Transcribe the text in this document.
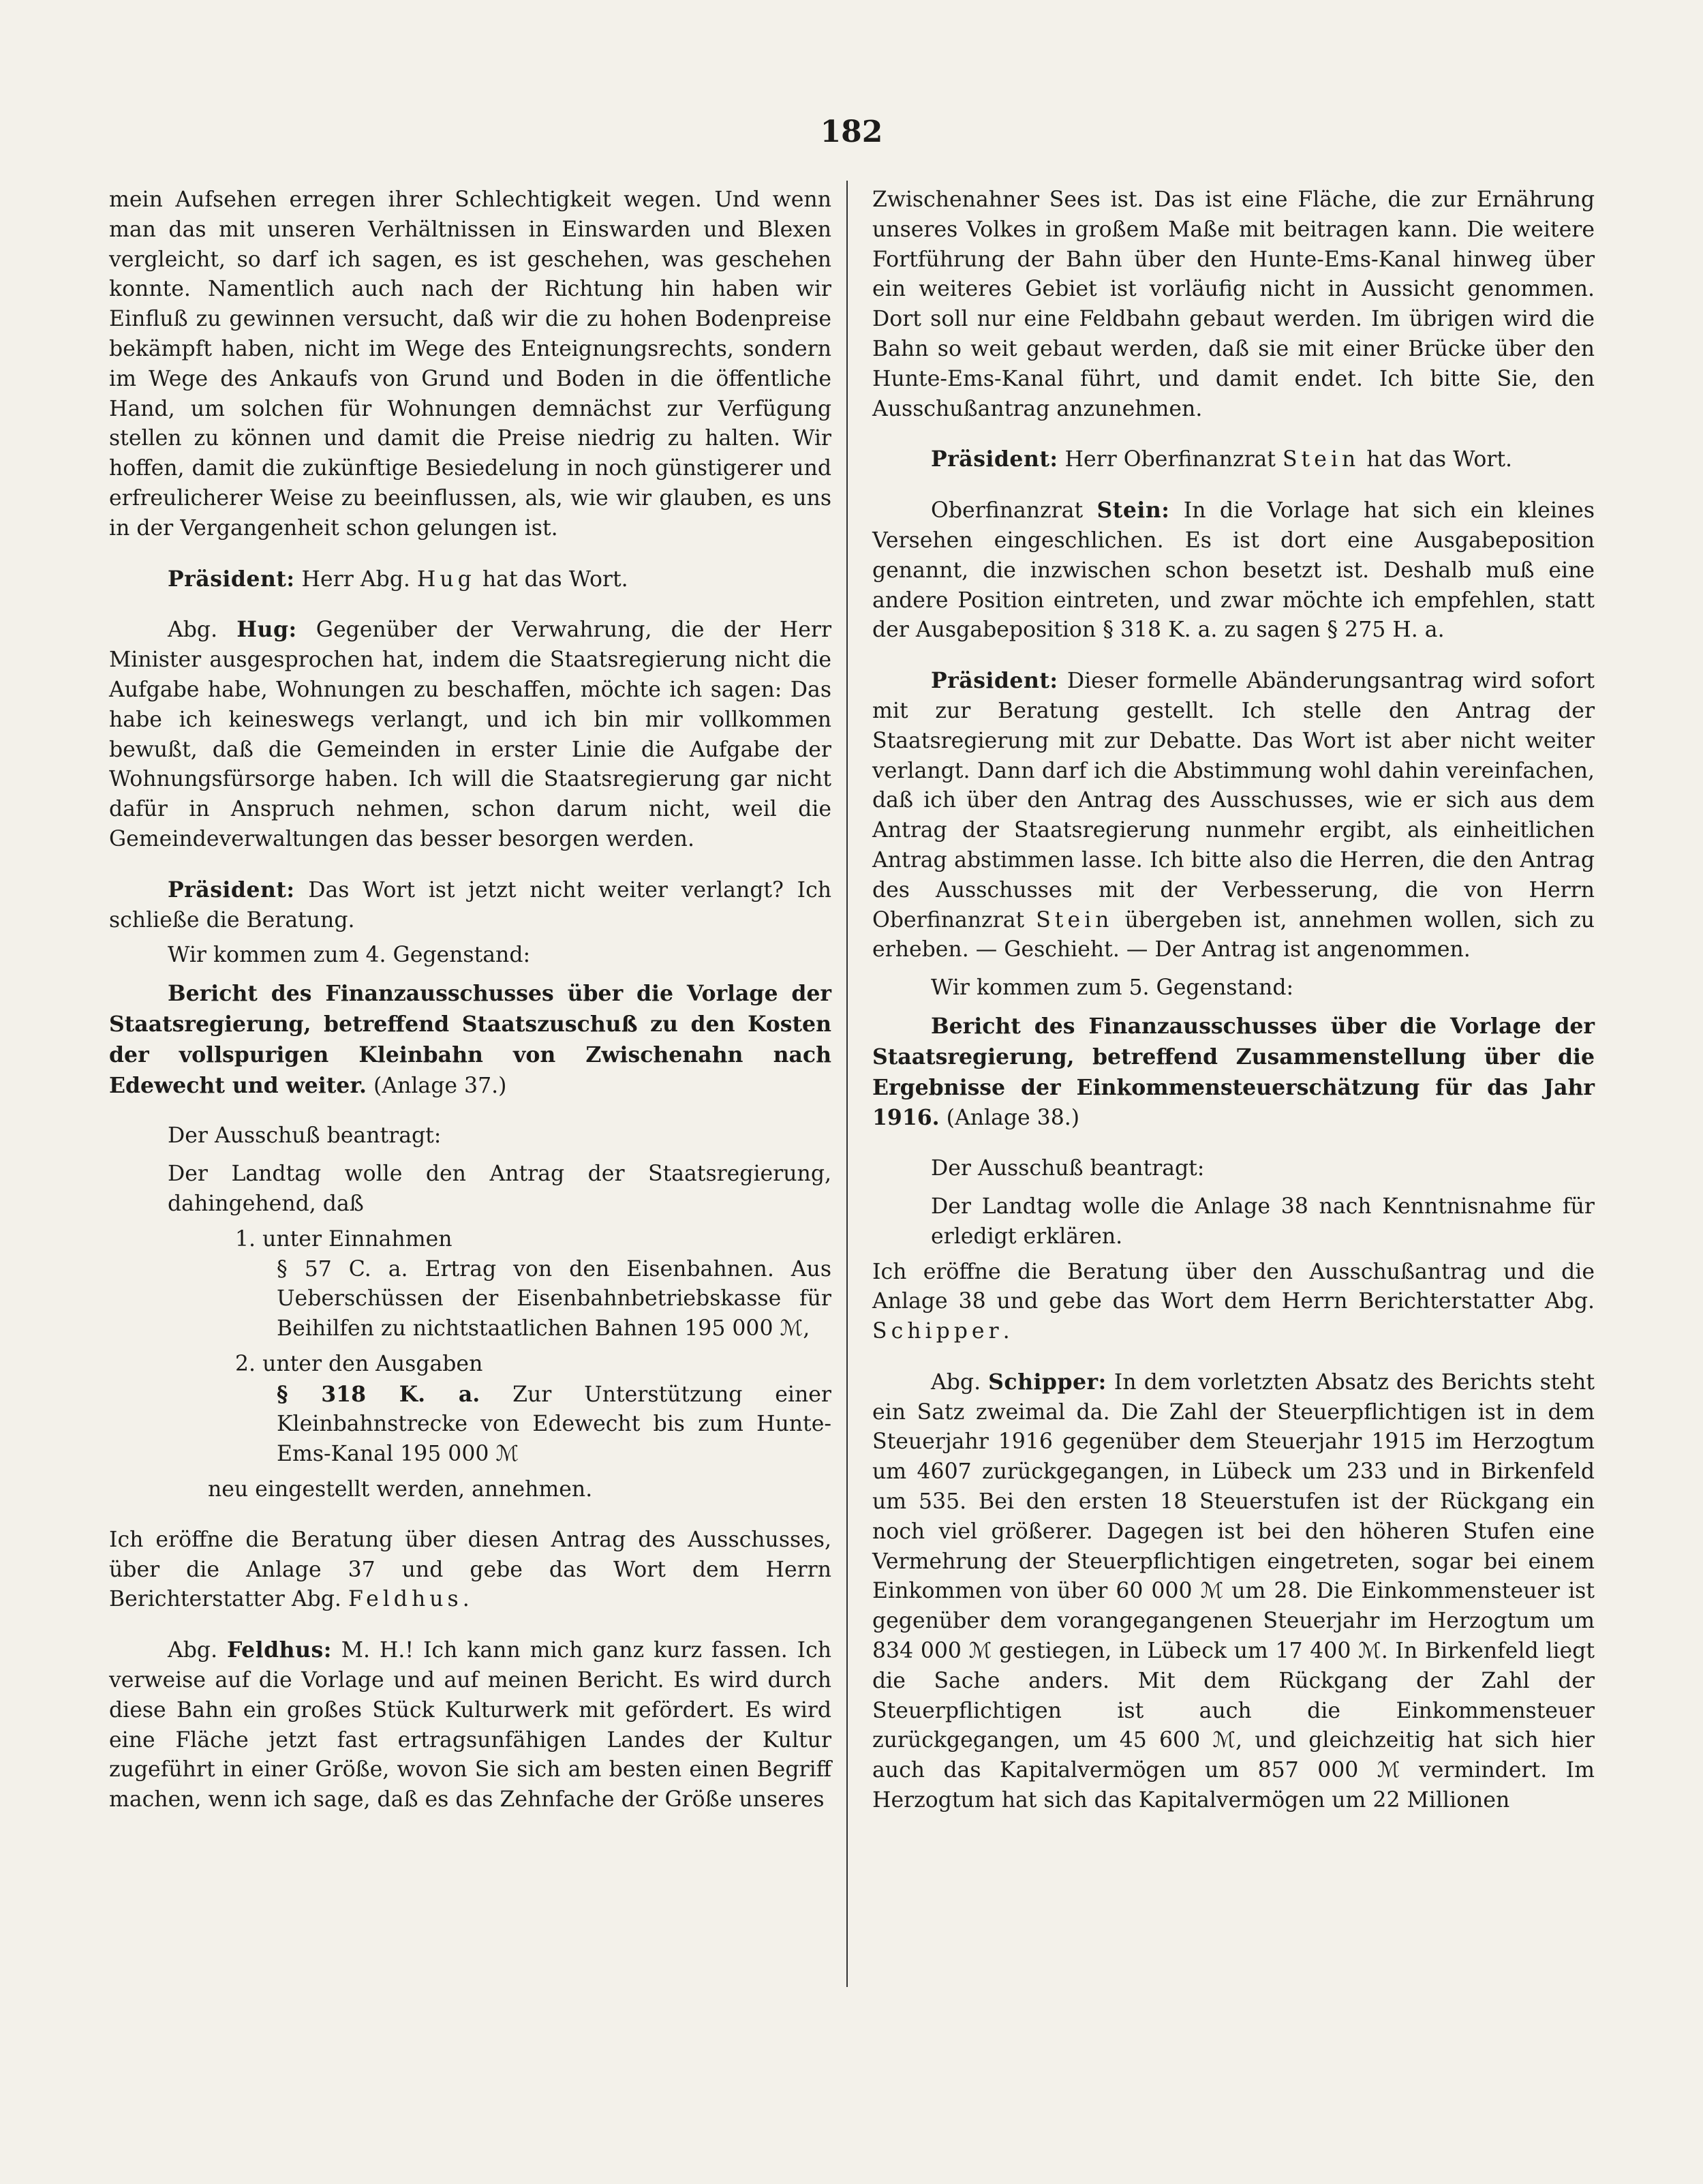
182

mein Aufsehen erregen ihrer Schlechtigkeit wegen. Und wenn man das mit unseren Verhältnissen in Einswarden und Blexen vergleicht, so darf ich sagen, es ist geschehen, was geschehen konnte. Namentlich auch nach der Richtung hin haben wir Einfluß zu gewinnen versucht, daß wir die zu hohen Bodenpreise bekämpft haben, nicht im Wege des Enteignungsrechts, sondern im Wege des Ankaufs von Grund und Boden in die öffentliche Hand, um solchen für Wohnungen demnächst zur Verfügung stellen zu können und damit die Preise niedrig zu halten. Wir hoffen, damit die zukünftige Besiedelung in noch günstigerer und erfreulicherer Weise zu beeinflussen, als, wie wir glauben, es uns in der Vergangenheit schon gelungen ist.

Präsident: Herr Abg. Hug hat das Wort.

Abg. Hug: Gegenüber der Verwahrung, die der Herr Minister ausgesprochen hat, indem die Staatsregierung nicht die Aufgabe habe, Wohnungen zu beschaffen, möchte ich sagen: Das habe ich keineswegs verlangt, und ich bin mir vollkommen bewußt, daß die Gemeinden in erster Linie die Aufgabe der Wohnungsfürsorge haben. Ich will die Staatsregierung gar nicht dafür in Anspruch nehmen, schon darum nicht, weil die Gemeindeverwaltungen das besser besorgen werden.

Präsident: Das Wort ist jetzt nicht weiter verlangt? Ich schließe die Beratung.

Wir kommen zum 4. Gegenstand:

Bericht des Finanzausschusses über die Vorlage der Staatsregierung, betreffend Staatszuschuß zu den Kosten der vollspurigen Kleinbahn von Zwischenahn nach Edewecht und weiter. (Anlage 37.)

Der Ausschuß beantragt:

Der Landtag wolle den Antrag der Staatsregierung, dahingehend, daß

1. unter Einnahmen

§ 57 C. a. Ertrag von den Eisenbahnen. Aus Ueberschüssen der Eisenbahnbetriebskasse für Beihilfen zu nichtstaatlichen Bahnen 195 000 ℳ,

2. unter den Ausgaben

§ 318 K. a. Zur Unterstützung einer Kleinbahnstrecke von Edewecht bis zum Hunte-Ems-Kanal 195 000 ℳ

neu eingestellt werden, annehmen.

Ich eröffne die Beratung über diesen Antrag des Ausschusses, über die Anlage 37 und gebe das Wort dem Herrn Berichterstatter Abg. Feldhus.

Abg. Feldhus: M. H.! Ich kann mich ganz kurz fassen. Ich verweise auf die Vorlage und auf meinen Bericht. Es wird durch diese Bahn ein großes Stück Kulturwerk mit gefördert. Es wird eine Fläche jetzt fast ertragsunfähigen Landes der Kultur zugeführt in einer Größe, wovon Sie sich am besten einen Begriff machen, wenn ich sage, daß es das Zehnfache der Größe unseres

Zwischenahner Sees ist. Das ist eine Fläche, die zur Ernährung unseres Volkes in großem Maße mit beitragen kann. Die weitere Fortführung der Bahn über den Hunte-Ems-Kanal hinweg über ein weiteres Gebiet ist vorläufig nicht in Aussicht genommen. Dort soll nur eine Feldbahn gebaut werden. Im übrigen wird die Bahn so weit gebaut werden, daß sie mit einer Brücke über den Hunte-Ems-Kanal führt, und damit endet. Ich bitte Sie, den Ausschußantrag anzunehmen.

Präsident: Herr Oberfinanzrat Stein hat das Wort.

Oberfinanzrat Stein: In die Vorlage hat sich ein kleines Versehen eingeschlichen. Es ist dort eine Ausgabeposition genannt, die inzwischen schon besetzt ist. Deshalb muß eine andere Position eintreten, und zwar möchte ich empfehlen, statt der Ausgabeposition § 318 K. a. zu sagen § 275 H. a.

Präsident: Dieser formelle Abänderungsantrag wird sofort mit zur Beratung gestellt. Ich stelle den Antrag der Staatsregierung mit zur Debatte. Das Wort ist aber nicht weiter verlangt. Dann darf ich die Abstimmung wohl dahin vereinfachen, daß ich über den Antrag des Ausschusses, wie er sich aus dem Antrag der Staatsregierung nunmehr ergibt, als einheitlichen Antrag abstimmen lasse. Ich bitte also die Herren, die den Antrag des Ausschusses mit der Verbesserung, die von Herrn Oberfinanzrat Stein übergeben ist, annehmen wollen, sich zu erheben. — Geschieht. — Der Antrag ist angenommen.

Wir kommen zum 5. Gegenstand:

Bericht des Finanzausschusses über die Vorlage der Staatsregierung, betreffend Zusammenstellung über die Ergebnisse der Einkommensteuerschätzung für das Jahr 1916. (Anlage 38.)

Der Ausschuß beantragt:

Der Landtag wolle die Anlage 38 nach Kenntnisnahme für erledigt erklären.

Ich eröffne die Beratung über den Ausschußantrag und die Anlage 38 und gebe das Wort dem Herrn Berichterstatter Abg. Schipper.

Abg. Schipper: In dem vorletzten Absatz des Berichts steht ein Satz zweimal da. Die Zahl der Steuerpflichtigen ist in dem Steuerjahr 1916 gegenüber dem Steuerjahr 1915 im Herzogtum um 4607 zurückgegangen, in Lübeck um 233 und in Birkenfeld um 535. Bei den ersten 18 Steuerstufen ist der Rückgang ein noch viel größerer. Dagegen ist bei den höheren Stufen eine Vermehrung der Steuerpflichtigen eingetreten, sogar bei einem Einkommen von über 60 000 ℳ um 28. Die Einkommensteuer ist gegenüber dem vorangegangenen Steuerjahr im Herzogtum um 834 000 ℳ gestiegen, in Lübeck um 17 400 ℳ. In Birkenfeld liegt die Sache anders. Mit dem Rückgang der Zahl der Steuerpflichtigen ist auch die Einkommensteuer zurückgegangen, um 45 600 ℳ, und gleichzeitig hat sich hier auch das Kapitalvermögen um 857 000 ℳ vermindert. Im Herzogtum hat sich das Kapitalvermögen um 22 Millionen
